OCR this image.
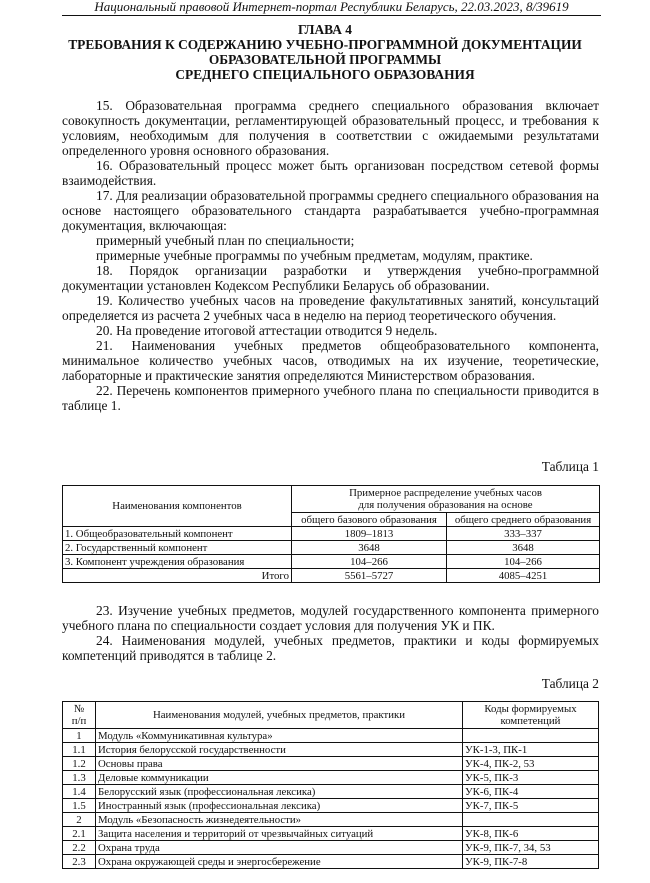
Национальный правовой Интернет-портал Республики Беларусь, 22.03.2023, 8/39619
ГЛАВА 4
ТРЕБОВАНИЯ К СОДЕРЖАНИЮ УЧЕБНО-ПРОГРАММНОЙ ДОКУМЕНТАЦИИ
ОБРАЗОВАТЕЛЬНОЙ ПРОГРАММЫ
СРЕДНЕГО СПЕЦИАЛЬНОГО ОБРАЗОВАНИЯ

15. Образовательная программа среднего специального образования включает совокупность документации, регламентирующей образовательный процесс, и требования к условиям, необходимым для получения в соответствии с ожидаемыми результатами определенного уровня основного образования.

16. Образовательный процесс может быть организован посредством сетевой формы взаимодействия.

17. Для реализации образовательной программы среднего специального образования на основе настоящего образовательного стандарта разрабатывается учебно-программная документация, включающая:

примерный учебный план по специальности;

примерные учебные программы по учебным предметам, модулям, практике.

18. Порядок организации разработки и утверждения учебно-программной документации установлен Кодексом Республики Беларусь об образовании.

19. Количество учебных часов на проведение факультативных занятий, консультаций определяется из расчета 2 учебных часа в неделю на период теоретического обучения.

20. На проведение итоговой аттестации отводится 9 недель.

21. Наименования учебных предметов общеобразовательного компонента, минимальное количество учебных часов, отводимых на их изучение, теоретические, лабораторные и практические занятия определяются Министерством образования.

22. Перечень компонентов примерного учебного плана по специальности приводится в таблице 1.

Таблица 1
Наименования компонентов	Примерное распределение учебных часов
для получения образования на основе	

	общего базового образования	общего среднего образования
1. Общеобразовательный компонент	1809–1813	333–337
2. Государственный компонент	3648	3648
3. Компонент учреждения образования	104–266	104–266
Итого	5561–5727	4085–4251

23. Изучение учебных предметов, модулей государственного компонента примерного учебного плана по специальности создает условия для получения УК и ПК.

24. Наименования модулей, учебных предметов, практики и коды формируемых компетенций приводятся в таблице 2.

Таблица 2
№
п/п	Наименования модулей, учебных предметов, практики	Коды формируемых
компетенций

1	Модуль «Коммуникативная культура»	
1.1	История белорусской государственности	УК-1-3, ПК-1
1.2	Основы права	УК-4, ПК-2, 53
1.3	Деловые коммуникации	УК-5, ПК-3
1.4	Белорусский язык (профессиональная лексика)	УК-6, ПК-4
1.5	Иностранный язык (профессиональная лексика)	УК-7, ПК-5
2	Модуль «Безопасность жизнедеятельности»	
2.1	Защита населения и территорий от чрезвычайных ситуаций	УК-8, ПК-6
2.2	Охрана труда	УК-9, ПК-7, 34, 53
2.3	Охрана окружающей среды и энергосбережение	УК-9, ПК-7-8
